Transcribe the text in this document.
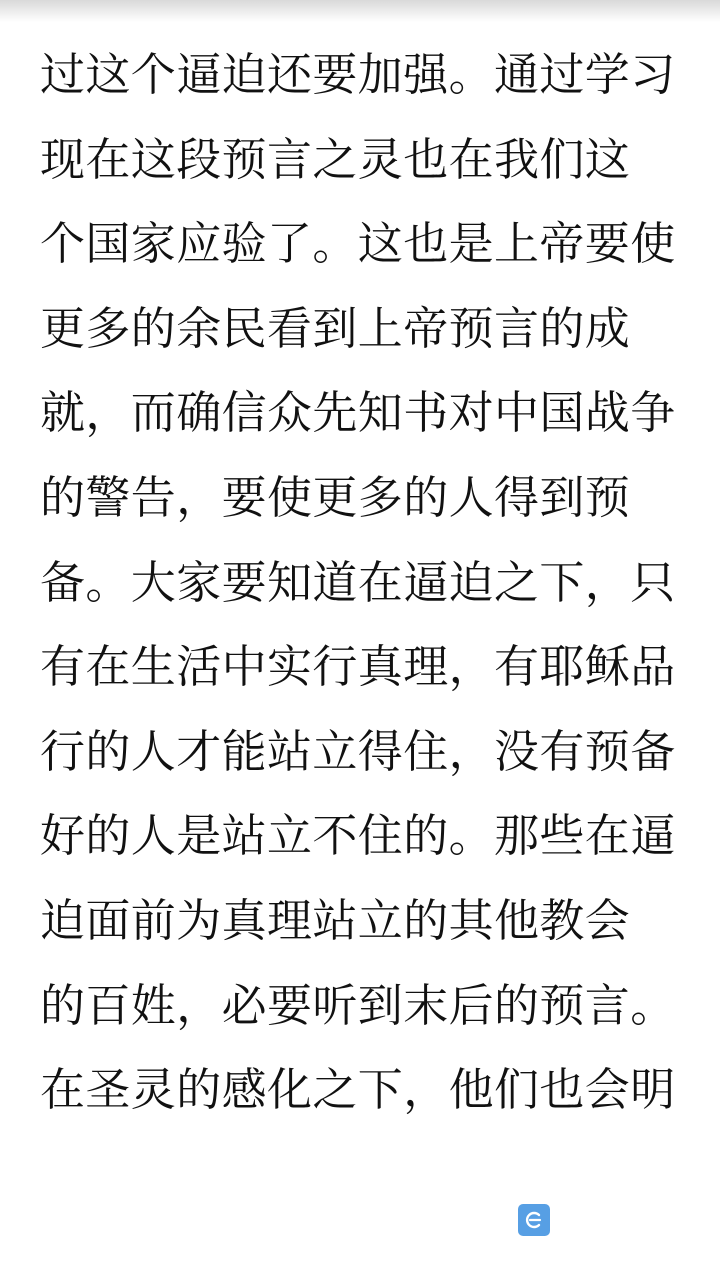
过这个逼迫还要加强。通过学习
现在这段预言之灵也在我们这
个国家应验了。这也是上帝要使
更多的余民看到上帝预言的成
就，而确信众先知书对中国战争
的警告，要使更多的人得到预
备。大家要知道在逼迫之下，只
有在生活中实行真理，有耶稣品
行的人才能站立得住，没有预备
好的人是站立不住的。那些在逼
迫面前为真理站立的其他教会
的百姓，必要听到末后的预言。
在圣灵的感化之下，他们也会明
